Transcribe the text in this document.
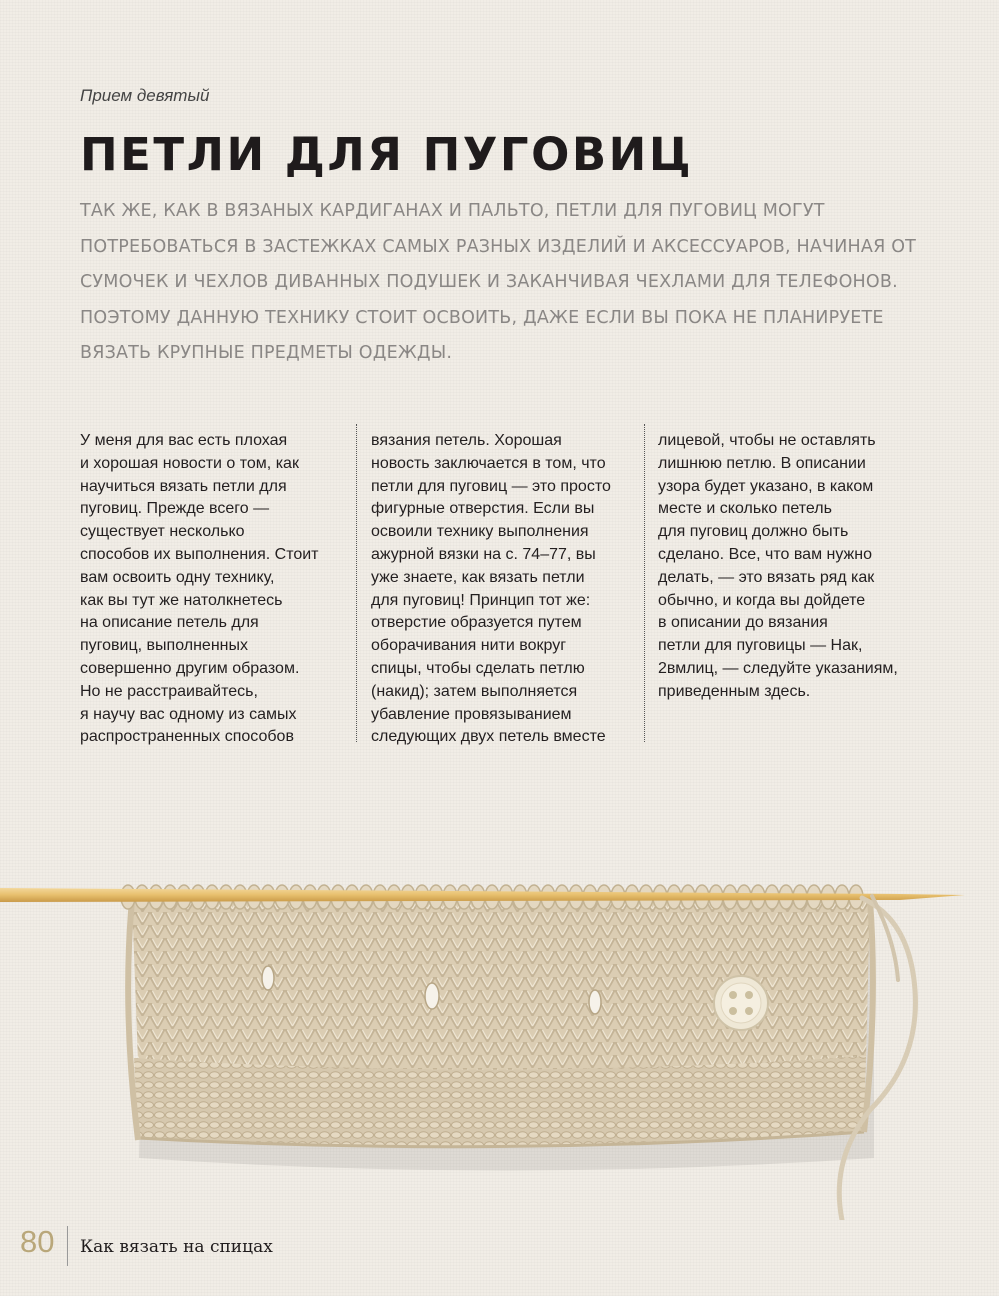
Прием девятый
ПЕТЛИ ДЛЯ ПУГОВИЦ

ТАК ЖЕ, КАК В ВЯЗАНЫХ КАРДИГАНАХ И ПАЛЬТО, ПЕТЛИ ДЛЯ ПУГОВИЦ МОГУТ ПОТРЕБОВАТЬСЯ В ЗАСТЕЖКАХ САМЫХ РАЗНЫХ ИЗДЕЛИЙ И АКСЕССУАРОВ, НАЧИНАЯ ОТ СУМОЧЕК И ЧЕХЛОВ ДИВАННЫХ ПОДУШЕК И ЗАКАНЧИВАЯ ЧЕХЛАМИ ДЛЯ ТЕЛЕФОНОВ. ПОЭТОМУ ДАННУЮ ТЕХНИКУ СТОИТ ОСВОИТЬ, ДАЖЕ ЕСЛИ ВЫ ПОКА НЕ ПЛАНИРУЕТЕ ВЯЗАТЬ КРУПНЫЕ ПРЕДМЕТЫ ОДЕЖДЫ.

У меня для вас есть плохая
и хорошая новости о том, как
научиться вязать петли для
пуговиц. Прежде всего —
существует несколько
способов их выполнения. Стоит
вам освоить одну технику,
как вы тут же натолкнетесь
на описание петель для
пуговиц, выполненных
совершенно другим образом.
Но не расстраивайтесь,
я научу вас одному из самых
распространенных способов

вязания петель. Хорошая
новость заключается в том, что
петли для пуговиц — это просто
фигурные отверстия. Если вы
освоили технику выполнения
ажурной вязки на с. 74–77, вы
уже знаете, как вязать петли
для пуговиц! Принцип тот же:
отверстие образуется путем
оборачивания нити вокруг
спицы, чтобы сделать петлю
(накид); затем выполняется
убавление провязыванием
следующих двух петель вместе

лицевой, чтобы не оставлять
лишнюю петлю. В описании
узора будет указано, в каком
месте и сколько петель
для пуговиц должно быть
сделано. Все, что вам нужно
делать, — это вязать ряд как
обычно, и когда вы дойдете
в описании до вязания
петли для пуговицы — Нак,
2вмлиц, — следуйте указаниям,
приведенным здесь.

80 Как вязать на спицах
